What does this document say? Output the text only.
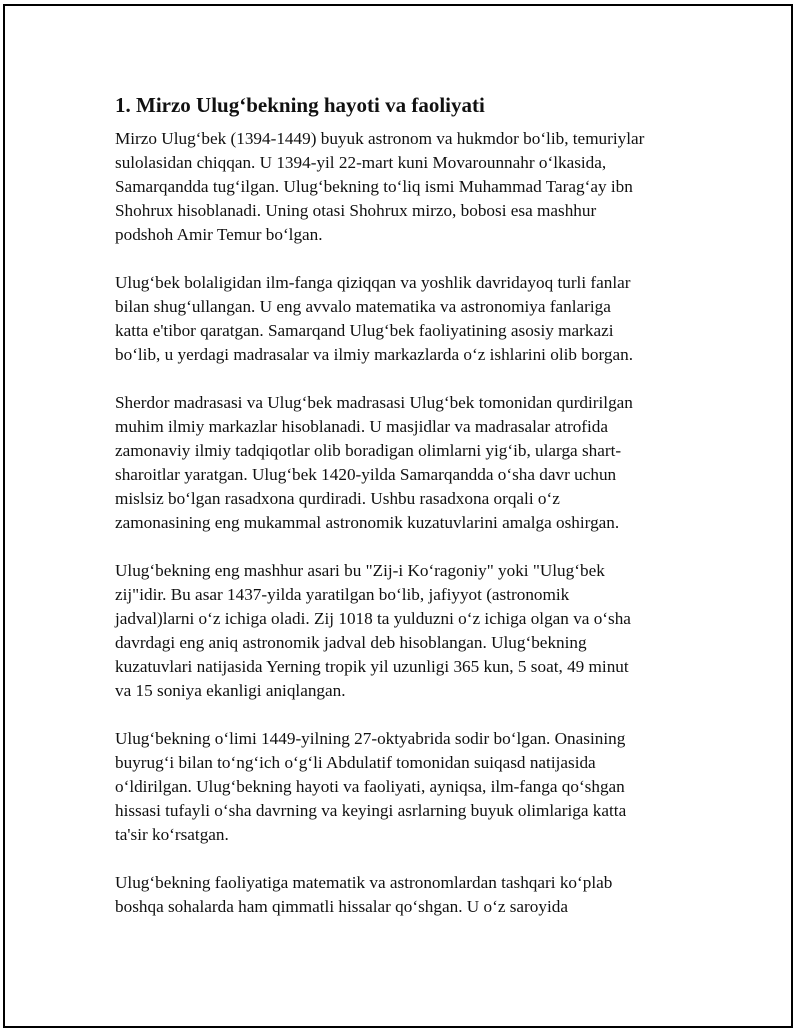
1. Mirzo Ulug‘bekning hayoti va faoliyati

Mirzo Ulug‘bek (1394-1449) buyuk astronom va hukmdor bo‘lib, temuriylar
sulolasidan chiqqan. U 1394-yil 22-mart kuni Movarounnahr o‘lkasida,
Samarqandda tug‘ilgan. Ulug‘bekning to‘liq ismi Muhammad Tarag‘ay ibn
Shohrux hisoblanadi. Uning otasi Shohrux mirzo, bobosi esa mashhur
podshoh Amir Temur bo‘lgan.

Ulug‘bek bolaligidan ilm-fanga qiziqqan va yoshlik davridayoq turli fanlar
bilan shug‘ullangan. U eng avvalo matematika va astronomiya fanlariga
katta e'tibor qaratgan. Samarqand Ulug‘bek faoliyatining asosiy markazi
bo‘lib, u yerdagi madrasalar va ilmiy markazlarda o‘z ishlarini olib borgan.

Sherdor madrasasi va Ulug‘bek madrasasi Ulug‘bek tomonidan qurdirilgan
muhim ilmiy markazlar hisoblanadi. U masjidlar va madrasalar atrofida
zamonaviy ilmiy tadqiqotlar olib boradigan olimlarni yig‘ib, ularga shart-
sharoitlar yaratgan. Ulug‘bek 1420-yilda Samarqandda o‘sha davr uchun
mislsiz bo‘lgan rasadxona qurdiradi. Ushbu rasadxona orqali o‘z
zamonasining eng mukammal astronomik kuzatuvlarini amalga oshirgan.

Ulug‘bekning eng mashhur asari bu "Zij-i Ko‘ragoniy" yoki "Ulug‘bek
zij"idir. Bu asar 1437-yilda yaratilgan bo‘lib, jafiyyot (astronomik
jadval)larni o‘z ichiga oladi. Zij 1018 ta yulduzni o‘z ichiga olgan va o‘sha
davrdagi eng aniq astronomik jadval deb hisoblangan. Ulug‘bekning
kuzatuvlari natijasida Yerning tropik yil uzunligi 365 kun, 5 soat, 49 minut
va 15 soniya ekanligi aniqlangan.

Ulug‘bekning o‘limi 1449-yilning 27-oktyabrida sodir bo‘lgan. Onasining
buyrug‘i bilan to‘ng‘ich o‘g‘li Abdulatif tomonidan suiqasd natijasida
o‘ldirilgan. Ulug‘bekning hayoti va faoliyati, ayniqsa, ilm-fanga qo‘shgan
hissasi tufayli o‘sha davrning va keyingi asrlarning buyuk olimlariga katta
ta'sir ko‘rsatgan.

Ulug‘bekning faoliyatiga matematik va astronomlardan tashqari ko‘plab
boshqa sohalarda ham qimmatli hissalar qo‘shgan. U o‘z saroyida
